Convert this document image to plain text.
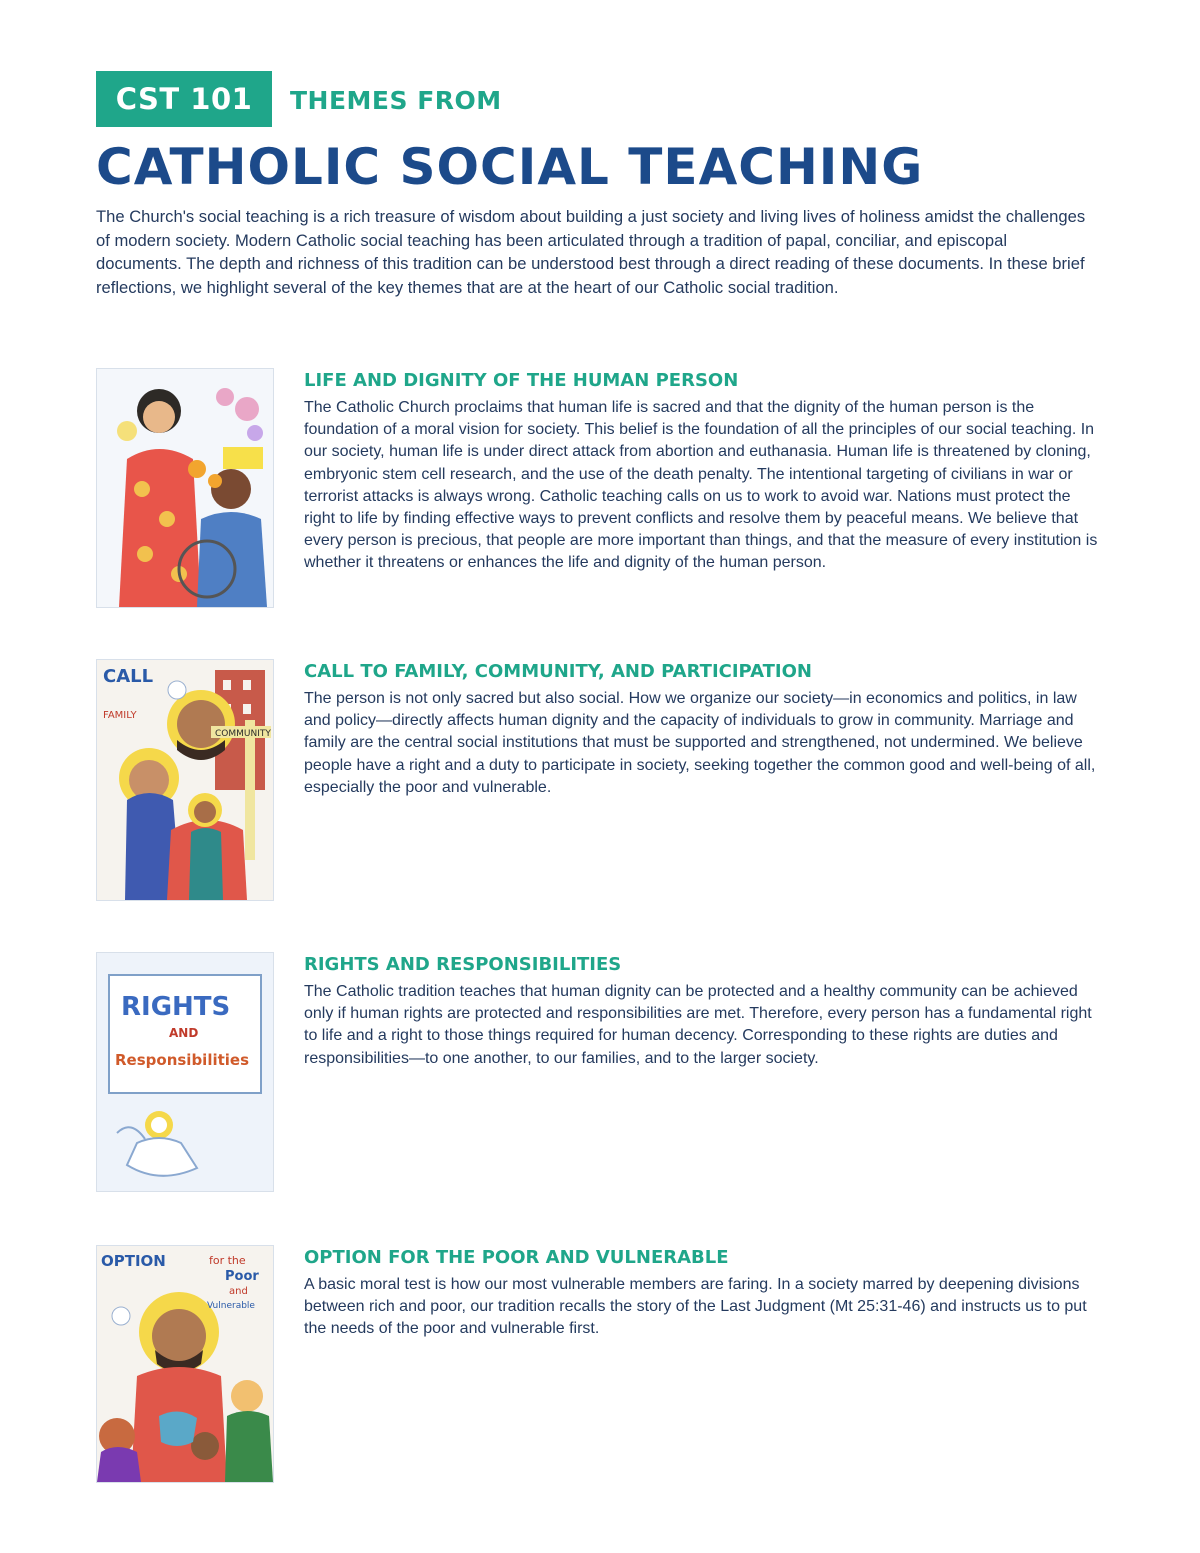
CST 101	THEMES FROM
CATHOLIC SOCIAL TEACHING

The Church's social teaching is a rich treasure of wisdom about building a just society and living lives of holiness amidst the challenges of modern society. Modern Catholic social teaching has been articulated through a tradition of papal, conciliar, and episcopal documents. The depth and richness of this tradition can be understood best through a direct reading of these documents. In these brief reflections, we highlight several of the key themes that are at the heart of our Catholic social tradition.

LIFE AND DIGNITY OF THE HUMAN PERSON

The Catholic Church proclaims that human life is sacred and that the dignity of the human person is the foundation of a moral vision for society. This belief is the foundation of all the principles of our social teaching. In our society, human life is under direct attack from abortion and euthanasia. Human life is threatened by cloning, embryonic stem cell research, and the use of the death penalty. The intentional targeting of civilians in war or terrorist attacks is always wrong. Catholic teaching calls on us to work to avoid war. Nations must protect the right to life by finding effective ways to prevent conflicts and resolve them by peaceful means. We believe that every person is precious, that people are more important than things, and that the measure of every institution is whether it threatens or enhances the life and dignity of the human person.

CALL
FAMILY
COMMUNITY
CALL TO FAMILY, COMMUNITY, AND PARTICIPATION

The person is not only sacred but also social. How we organize our society—in economics and politics, in law and policy—directly affects human dignity and the capacity of individuals to grow in community. Marriage and family are the central social institutions that must be supported and strengthened, not undermined. We believe people have a right and a duty to participate in society, seeking together the common good and well-being of all, especially the poor and vulnerable.

RIGHTS
AND
Responsibilities
RIGHTS AND RESPONSIBILITIES

The Catholic tradition teaches that human dignity can be protected and a healthy community can be achieved only if human rights are protected and responsibilities are met. Therefore, every person has a fundamental right to life and a right to those things required for human decency. Corresponding to these rights are duties and responsibilities—to one another, to our families, and to the larger society.

OPTION	for the
Poor
and
Vulnerable
OPTION FOR THE POOR AND VULNERABLE

A basic moral test is how our most vulnerable members are faring. In a society marred by deepening divisions between rich and poor, our tradition recalls the story of the Last Judgment (Mt 25:31-46) and instructs us to put the needs of the poor and vulnerable first.
